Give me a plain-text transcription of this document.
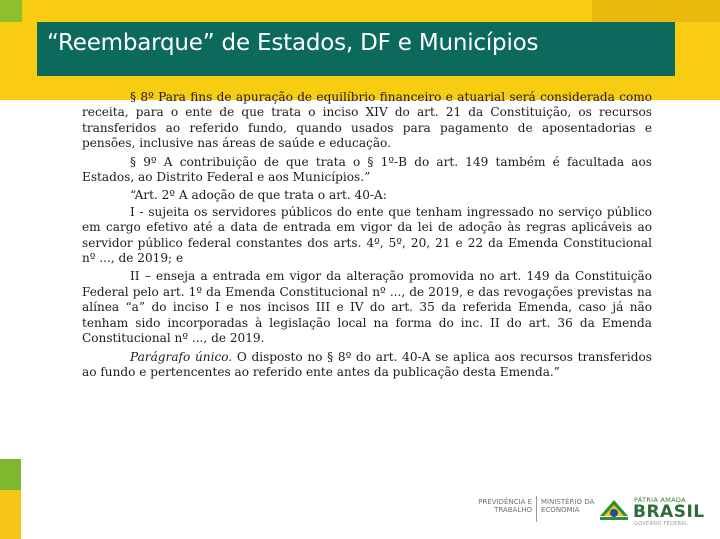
“Reembarque” de Estados, DF e Municípios

§ 8º Para fins de apuração de equilíbrio financeiro e atuarial será considerada como receita, para o ente de que trata o inciso XIV do art. 21 da Constituição, os recursos transferidos ao referido fundo, quando usados para pagamento de aposentadorias e pensões, inclusive nas áreas de saúde e educação.

§ 9º A contribuição de que trata o § 1º-B do art. 149 também é facultada aos Estados, ao Distrito Federal e aos Municípios.”

“Art. 2º A adoção de que trata o art. 40-A:

I - sujeita os servidores públicos do ente que tenham ingressado no serviço público em cargo efetivo até a data de entrada em vigor da lei de adoção às regras aplicáveis ao servidor público federal constantes dos arts. 4º, 5º, 20, 21 e 22 da Emenda Constitucional nº ..., de 2019; e

II – enseja a entrada em vigor da alteração promovida no art. 149 da Constituição Federal pelo art. 1º da Emenda Constitucional nº ..., de 2019, e das revogações previstas na alínea “a” do inciso I e nos incisos III e IV do art. 35 da referida Emenda, caso já não tenham sido incorporadas à legislação local na forma do inc. II do art. 36 da Emenda Constitucional nº ..., de 2019.

Parágrafo único. O disposto no § 8º do art. 40-A se aplica aos recursos transferidos ao fundo e pertencentes ao referido ente antes da publicação desta Emenda.”

PREVIDÊNCIA E
TRABALHO
MINISTÉRIO DA
ECONOMIA
PÁTRIA AMADA
BRASIL
GOVERNO FEDERAL
